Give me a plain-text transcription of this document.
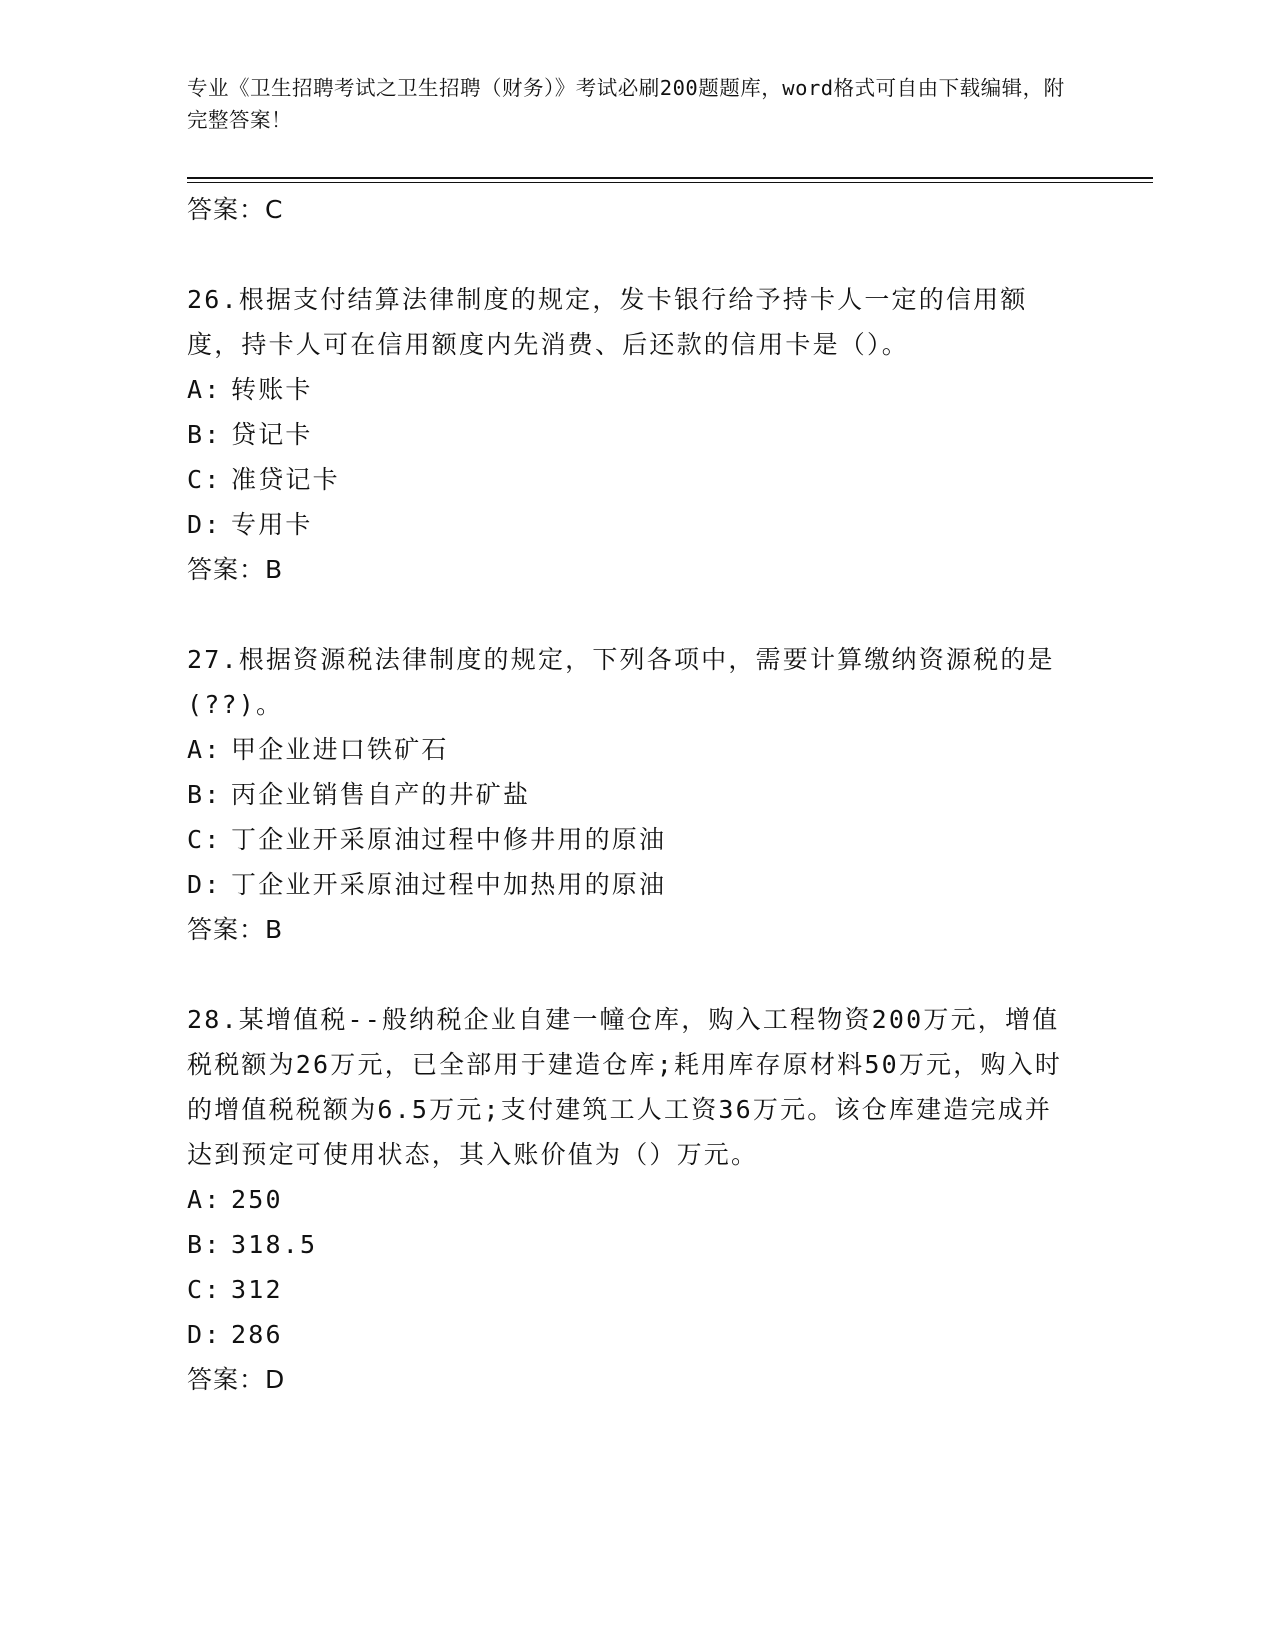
专业《卫生招聘考试之卫生招聘（财务）》考试必刷200题题库，word格式可自由下载编辑，附完整答案！
答案：C
26.根据支付结算法律制度的规定，发卡银行给予持卡人一定的信用额度，持卡人可在信用额度内先消费、后还款的信用卡是（）。
A: 转账卡
B: 贷记卡
C: 准贷记卡
D: 专用卡
答案：B
27.根据资源税法律制度的规定，下列各项中，需要计算缴纳资源税的是(??)。
A: 甲企业进口铁矿石
B: 丙企业销售自产的井矿盐
C: 丁企业开采原油过程中修井用的原油
D: 丁企业开采原油过程中加热用的原油
答案：B
28.某增值税--般纳税企业自建一幢仓库，购入工程物资200万元，增值税税额为26万元，已全部用于建造仓库;耗用库存原材料50万元，购入时的增值税税额为6.5万元;支付建筑工人工资36万元。该仓库建造完成并达到预定可使用状态，其入账价值为（）万元。
A: 250
B: 318.5
C: 312
D: 286
答案：D
